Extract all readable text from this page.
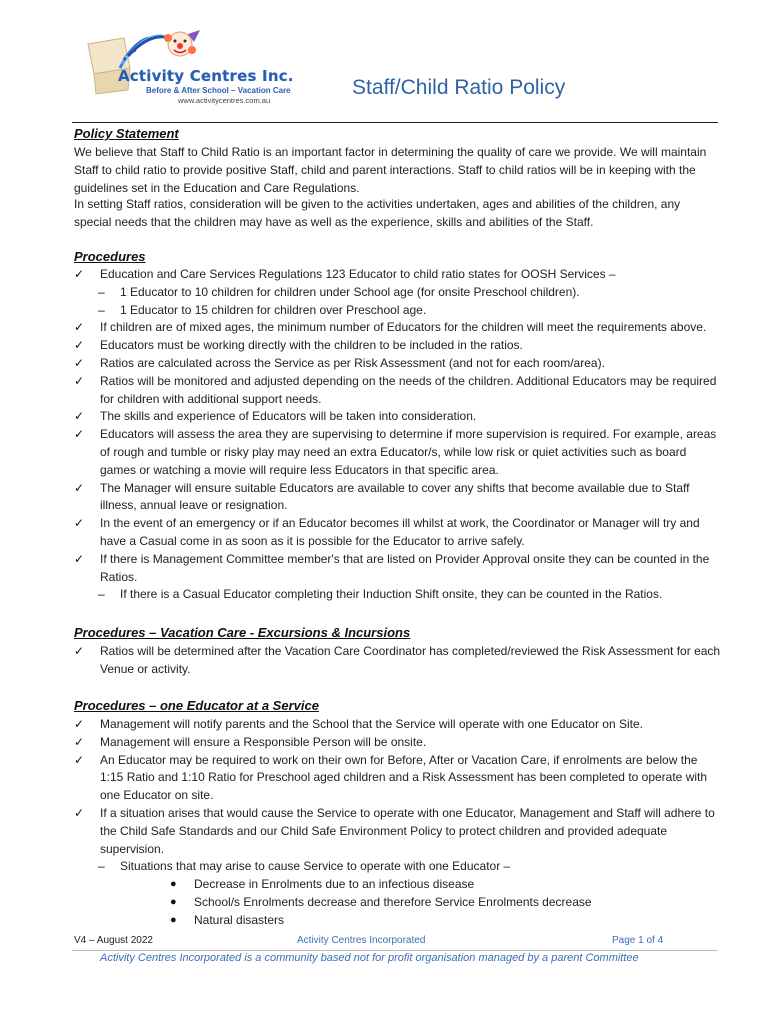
Activity Centres Inc.
Before & After School – Vacation Care
www.activitycentres.com.au
Staff/Child Ratio Policy
Policy Statement
We believe that Staff to Child Ratio is an important factor in determining the quality of care we provide. We will maintain Staff to child ratio to provide positive Staff, child and parent interactions. Staff to child ratios will be in keeping with the guidelines set in the Education and Care Regulations.
In setting Staff ratios, consideration will be given to the activities undertaken, ages and abilities of the children, any special needs that the children may have as well as the experience, skills and abilities of the Staff.
Procedures
✓ Education and Care Services Regulations 123 Educator to child ratio states for OOSH Services –
– 1 Educator to 10 children for children under School age (for onsite Preschool children).
– 1 Educator to 15 children for children over Preschool age.
✓ If children are of mixed ages, the minimum number of Educators for the children will meet the requirements above.
✓ Educators must be working directly with the children to be included in the ratios.
✓ Ratios are calculated across the Service as per Risk Assessment (and not for each room/area).
✓ Ratios will be monitored and adjusted depending on the needs of the children. Additional Educators may be required for children with additional support needs.
✓ The skills and experience of Educators will be taken into consideration.
✓ Educators will assess the area they are supervising to determine if more supervision is required. For example, areas of rough and tumble or risky play may need an extra Educator/s, while low risk or quiet activities such as board games or watching a movie will require less Educators in that specific area.
✓ The Manager will ensure suitable Educators are available to cover any shifts that become available due to Staff illness, annual leave or resignation.
✓ In the event of an emergency or if an Educator becomes ill whilst at work, the Coordinator or Manager will try and have a Casual come in as soon as it is possible for the Educator to arrive safely.
✓ If there is Management Committee member's that are listed on Provider Approval onsite they can be counted in the Ratios.
– If there is a Casual Educator completing their Induction Shift onsite, they can be counted in the Ratios.
Procedures – Vacation Care - Excursions & Incursions
✓ Ratios will be determined after the Vacation Care Coordinator has completed/reviewed the Risk Assessment for each Venue or activity.
Procedures – one Educator at a Service
✓ Management will notify parents and the School that the Service will operate with one Educator on Site.
✓ Management will ensure a Responsible Person will be onsite.
✓ An Educator may be required to work on their own for Before, After or Vacation Care, if enrolments are below the 1:15 Ratio and 1:10 Ratio for Preschool aged children and a Risk Assessment has been completed to operate with one Educator on site.
✓ If a situation arises that would cause the Service to operate with one Educator, Management and Staff will adhere to the Child Safe Standards and our Child Safe Environment Policy to protect children and provided adequate supervision.
– Situations that may arise to cause Service to operate with one Educator –
● Decrease in Enrolments due to an infectious disease
● School/s Enrolments decrease and therefore Service Enrolments decrease
● Natural disasters
V4 – August 2022	Activity Centres Incorporated	Page 1 of 4
Activity Centres Incorporated is a community based not for profit organisation managed by a parent Committee
